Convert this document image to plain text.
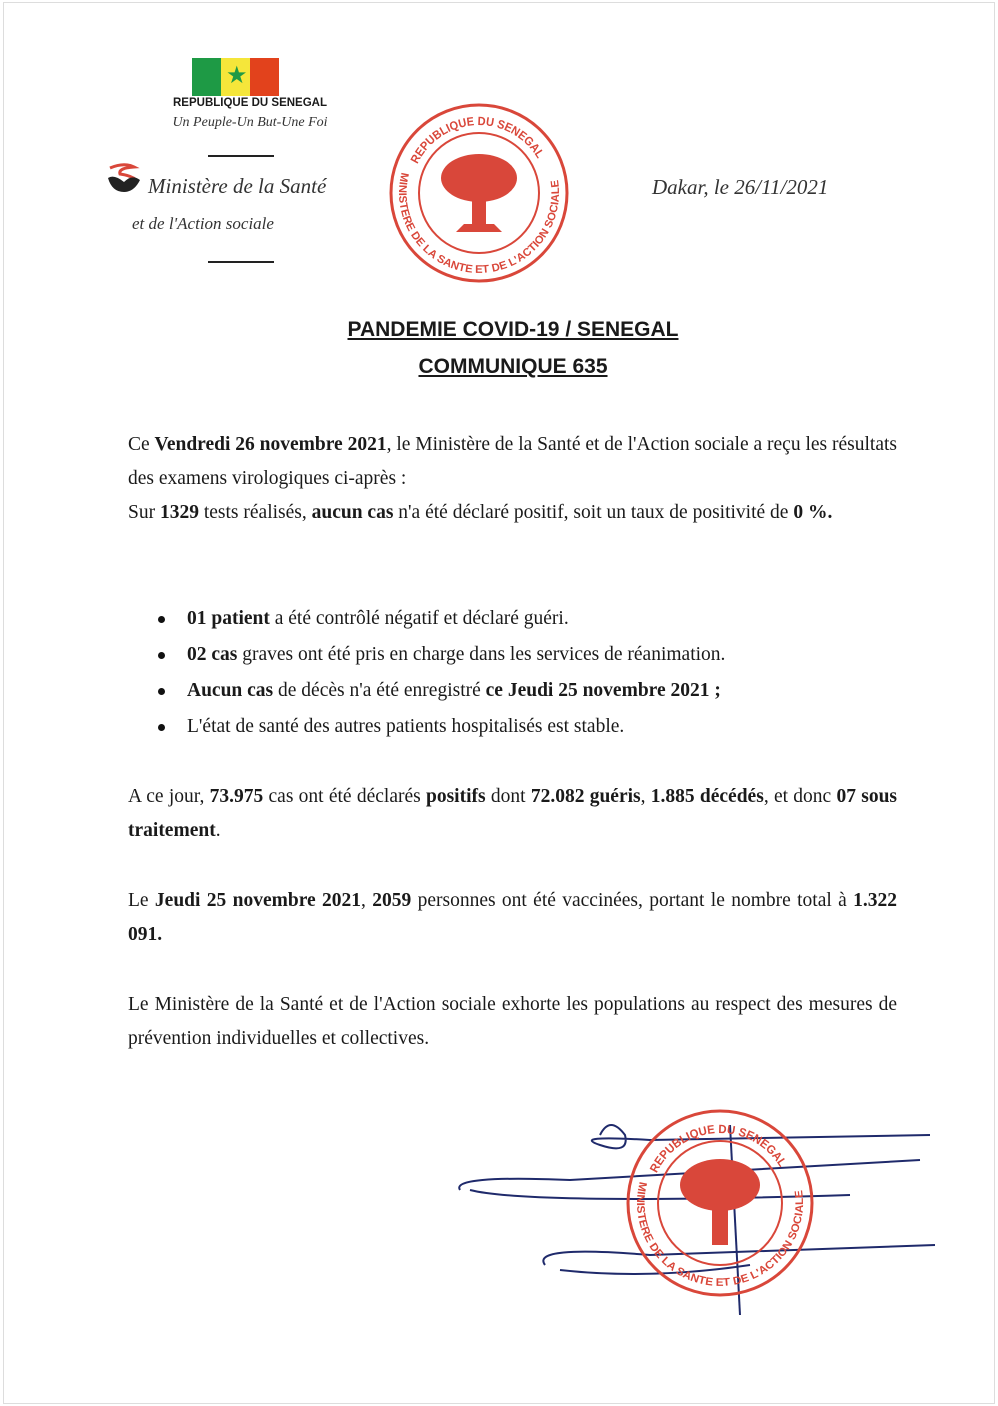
★
REPUBLIQUE DU SENEGAL
Un Peuple-Un But-Une Foi
Ministère de la Santé
et de l'Action sociale
Dakar, le 26/11/2021
REPUBLIQUE DU SENEGAL
MINISTERE DE LA SANTE ET DE L'ACTION SOCIALE
PANDEMIE COVID-19 / SENEGAL
COMMUNIQUE 635
Ce Vendredi 26 novembre 2021, le Ministère de la Santé et de l'Action sociale a reçu les résultats des examens virologiques ci-après :
Sur 1329 tests réalisés, aucun cas n'a été déclaré positif, soit un taux de positivité de 0 %.
01 patient a été contrôlé négatif et déclaré guéri.
02 cas graves ont été pris en charge dans les services de réanimation.
Aucun cas de décès n'a été enregistré ce Jeudi 25 novembre 2021 ;
L'état de santé des autres patients hospitalisés est stable.
A ce jour, 73.975 cas ont été déclarés positifs dont 72.082 guéris, 1.885 décédés, et donc 07 sous traitement.
Le Jeudi 25 novembre 2021, 2059 personnes ont été vaccinées, portant le nombre total à 1.322 091.
Le Ministère de la Santé et de l'Action sociale exhorte les populations au respect des mesures de prévention individuelles et collectives.
REPUBLIQUE DU SENEGAL
MINISTERE DE LA SANTE ET DE L'ACTION SOCIALE
